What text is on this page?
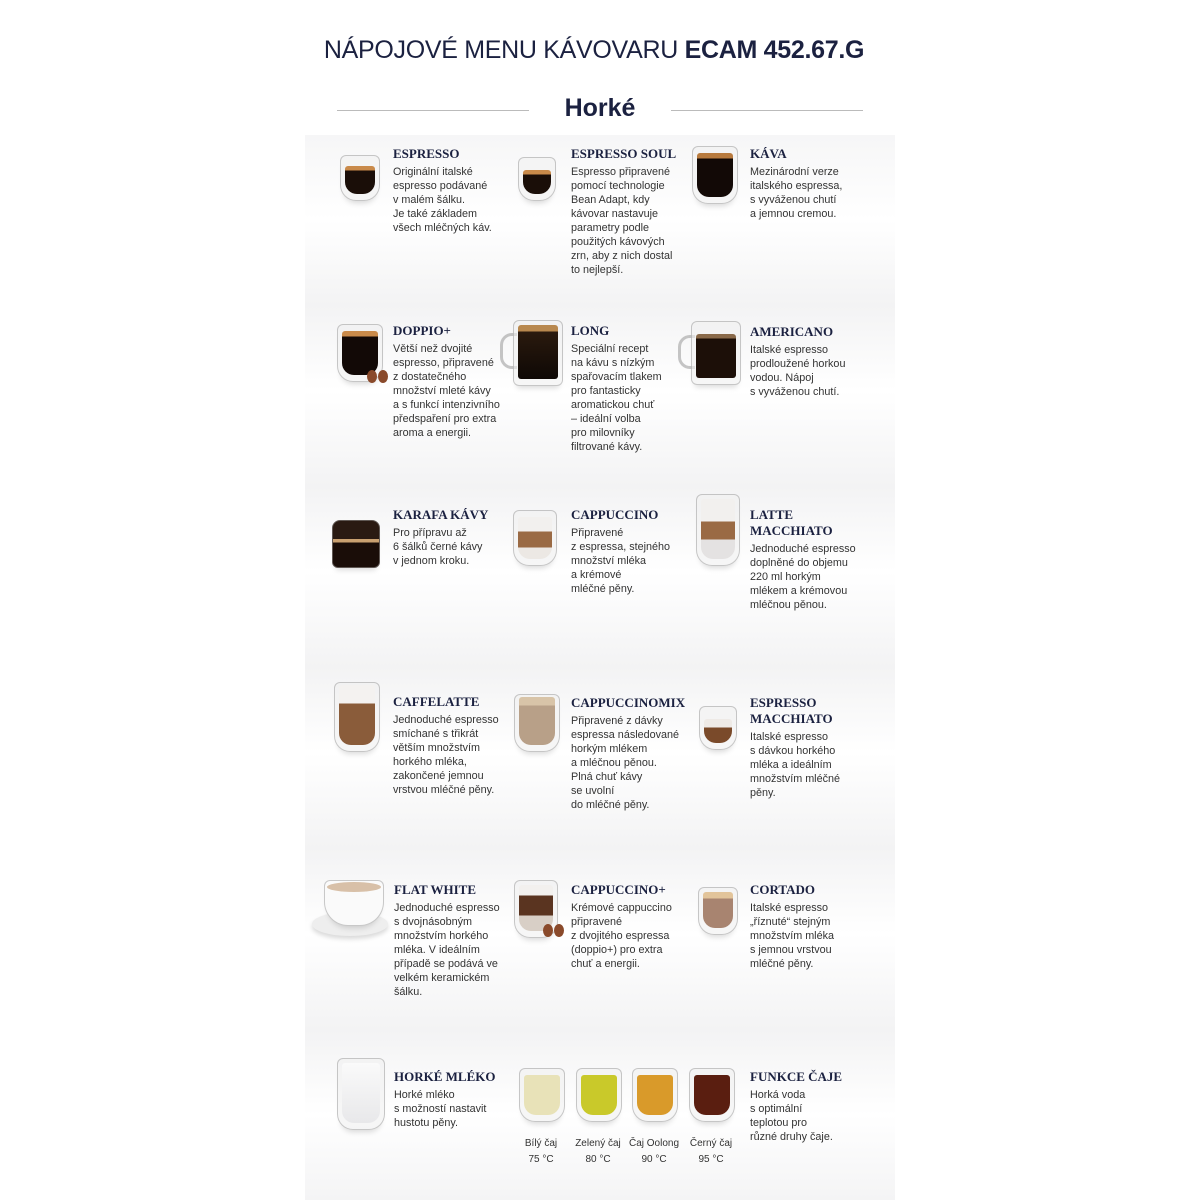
NÁPOJOVÉ MENU KÁVOVARU ECAM 452.67.G
Horké
ESPRESSO
Originální italské
espresso podávané
v malém šálku.
Je také základem
všech mléčných káv.
ESPRESSO SOUL
Espresso připravené
pomocí technologie
Bean Adapt, kdy
kávovar nastavuje
parametry podle
použitých kávových
zrn, aby z nich dostal
to nejlepší.
KÁVA
Mezinárodní verze
italského espressa,
s vyváženou chutí
a jemnou cremou.
DOPPIO+
Větší než dvojité
espresso, připravené
z dostatečného
množství mleté kávy
a s funkcí intenzivního
předspaření pro extra
aroma a energii.
LONG
Speciální recept
na kávu s nízkým
spařovacím tlakem
pro fantasticky
aromatickou chuť
– ideální volba
pro milovníky
filtrované kávy.
AMERICANO
Italské espresso
prodloužené horkou
vodou. Nápoj
s vyváženou chutí.
KARAFA KÁVY
Pro přípravu až
6 šálků černé kávy
v jednom kroku.
CAPPUCCINO
Připravené
z espressa, stejného
množství mléka
a krémové
mléčné pěny.
LATTE
MACCHIATO
Jednoduché espresso
doplněné do objemu
220 ml horkým
mlékem a krémovou
mléčnou pěnou.
CAFFELATTE
Jednoduché espresso
smíchané s třikrát
větším množstvím
horkého mléka,
zakončené jemnou
vrstvou mléčné pěny.
CAPPUCCINOMIX
Připravené z dávky
espressa následované
horkým mlékem
a mléčnou pěnou.
Plná chuť kávy
se uvolní
do mléčné pěny.
ESPRESSO
MACCHIATO
Italské espresso
s dávkou horkého
mléka a ideálním
množstvím mléčné
pěny.
FLAT WHITE
Jednoduché espresso
s dvojnásobným
množstvím horkého
mléka. V ideálním
případě se podává ve
velkém keramickém
šálku.
CAPPUCCINO+
Krémové cappuccino
připravené
z dvojitého espressa
(doppio+) pro extra
chuť a energii.
CORTADO
Italské espresso
„říznuté“ stejným
množstvím mléka
s jemnou vrstvou
mléčné pěny.
HORKÉ MLÉKO
Horké mléko
s možností nastavit
hustotu pěny.
Bílý čaj
75 °C
Zelený čaj
80 °C
Čaj Oolong
90 °C
Černý čaj
95 °C
FUNKCE ČAJE
Horká voda
s optimální
teplotou pro
různé druhy čaje.
